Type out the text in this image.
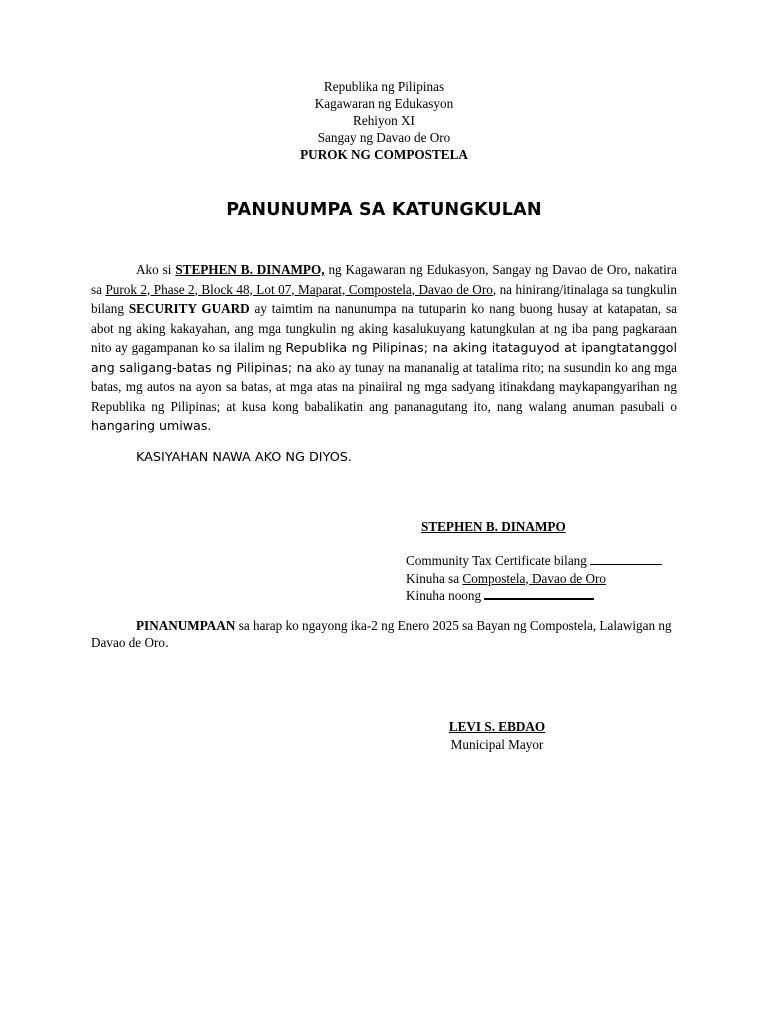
Republika ng Pilipinas
Kagawaran ng Edukasyon
Rehiyon XI
Sangay ng Davao de Oro
PUROK NG COMPOSTELA
PANUNUMPA SA KATUNGKULAN
Ako si STEPHEN B. DINAMPO, ng Kagawaran ng Edukasyon, Sangay ng Davao de Oro, nakatira sa Purok 2, Phase 2, Block 48, Lot 07, Maparat, Compostela, Davao de Oro, na hinirang/itinalaga sa tungkulin bilang SECURITY GUARD ay taimtim na nanunumpa na tutuparin ko nang buong husay at katapatan, sa abot ng aking kakayahan, ang mga tungkulin ng aking kasalukuyang katungkulan at ng iba pang pagkaraan nito ay gagampanan ko sa ilalim ng Republika ng Pilipinas; na aking itataguyod at ipangtatanggol ang saligang-batas ng Pilipinas; na ako ay tunay na mananalig at tatalima rito; na susundin ko ang mga batas, mg autos na ayon sa batas, at mga atas na pinaiiral ng mga sadyang itinakdang maykapangyarihan ng Republika ng Pilipinas; at kusa kong babalikatin ang pananagutang ito, nang walang anuman pasubali o hangaring umiwas.
KASIYAHAN NAWA AKO NG DIYOS.
STEPHEN B. DINAMPO
Community Tax Certificate bilang
Kinuha sa Compostela, Davao de Oro
Kinuha noong
PINANUMPAAN sa harap ko ngayong ika-2 ng Enero 2025 sa Bayan ng Compostela, Lalawigan ng Davao de Oro.
LEVI S. EBDAO
Municipal Mayor
